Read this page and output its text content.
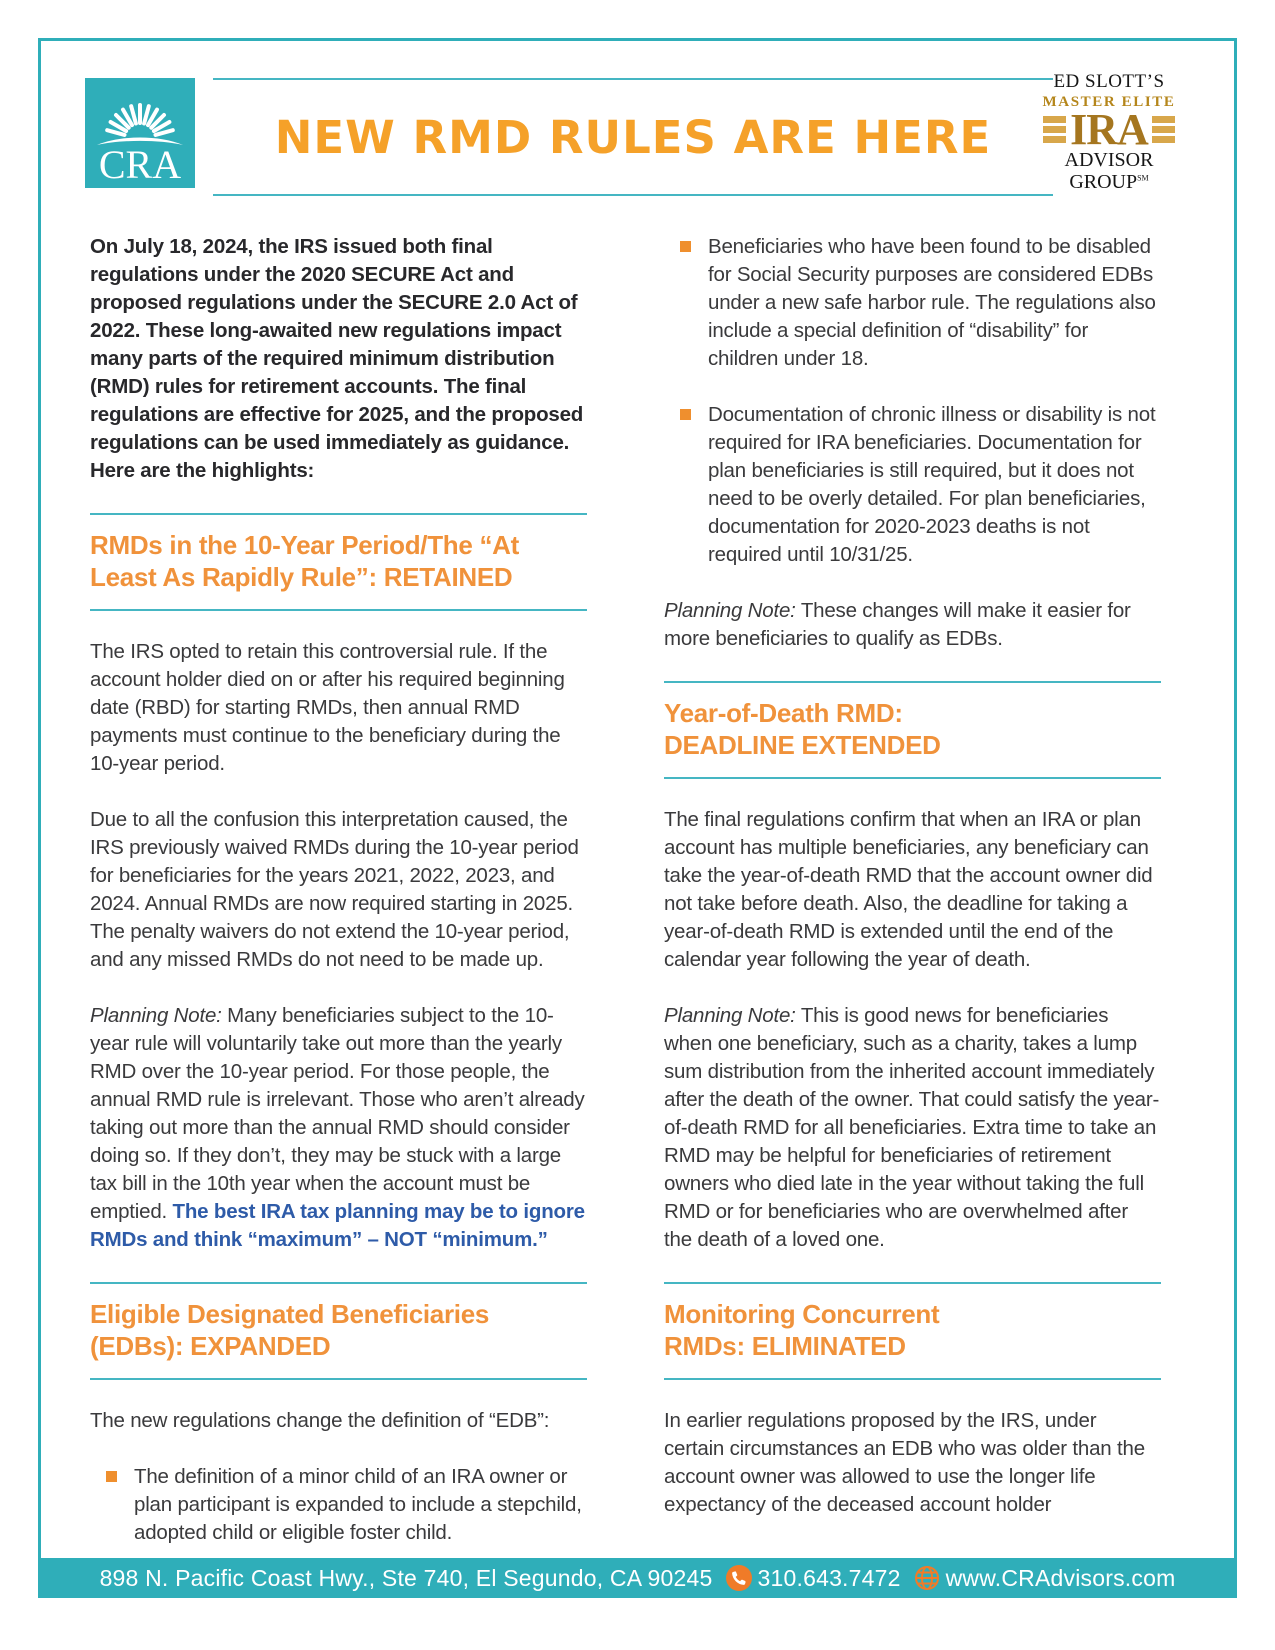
CRA
NEW RMD RULES ARE HERE
ED SLOTT’S
MASTER ELITE
IRA
ADVISOR
GROUP℠

On July 18, 2024, the IRS issued both final regulations under the 2020 SECURE Act and proposed regulations under the SECURE 2.0 Act of 2022. These long-awaited new regulations impact many parts of the required minimum distribution (RMD) rules for retirement accounts. The final regulations are effective for 2025, and the proposed regulations can be used immediately as guidance. Here are the highlights:

RMDs in the 10-Year Period/The “At
Least As Rapidly Rule”: RETAINED

The IRS opted to retain this controversial rule. If the account holder died on or after his required beginning date (RBD) for starting RMDs, then annual RMD payments must continue to the beneficiary during the 10-year period.

Due to all the confusion this interpretation caused, the IRS previously waived RMDs during the 10-year period for beneficiaries for the years 2021, 2022, 2023, and 2024. Annual RMDs are now required starting in 2025. The penalty waivers do not extend the 10-year period, and any missed RMDs do not need to be made up.

Planning Note: Many beneficiaries subject to the 10-year rule will voluntarily take out more than the yearly RMD over the 10-year period. For those people, the annual RMD rule is irrelevant. Those who aren’t already taking out more than the annual RMD should consider doing so. If they don’t, they may be stuck with a large tax bill in the 10th year when the account must be emptied. The best IRA tax planning may be to ignore RMDs and think “maximum” – NOT “minimum.”

Eligible Designated Beneficiaries
(EDBs): EXPANDED

The new regulations change the definition of “EDB”:

The definition of a minor child of an IRA owner or plan participant is expanded to include a stepchild, adopted child or eligible foster child.
Beneficiaries who have been found to be disabled for Social Security purposes are considered EDBs under a new safe harbor rule. The regulations also include a special definition of “disability” for children under 18.
Documentation of chronic illness or disability is not required for IRA beneficiaries. Documentation for plan beneficiaries is still required, but it does not need to be overly detailed. For plan beneficiaries, documentation for 2020-2023 deaths is not required until 10/31/25.

Planning Note: These changes will make it easier for more beneficiaries to qualify as EDBs.

Year-of-Death RMD:
DEADLINE EXTENDED

The final regulations confirm that when an IRA or plan account has multiple beneficiaries, any beneficiary can take the year-of-death RMD that the account owner did not take before death. Also, the deadline for taking a year-of-death RMD is extended until the end of the calendar year following the year of death.

Planning Note: This is good news for beneficiaries when one beneficiary, such as a charity, takes a lump sum distribution from the inherited account immediately after the death of the owner. That could satisfy the year-of-death RMD for all beneficiaries. Extra time to take an RMD may be helpful for beneficiaries of retirement owners who died late in the year without taking the full RMD or for beneficiaries who are overwhelmed after the death of a loved one.

Monitoring Concurrent
RMDs: ELIMINATED

In earlier regulations proposed by the IRS, under certain circumstances an EDB who was older than the account owner was allowed to use the longer life expectancy of the deceased account holder

898 N. Pacific Coast Hwy., Ste 740, El Segundo, CA 90245 310.643.7472 www.CRAdvisors.com
